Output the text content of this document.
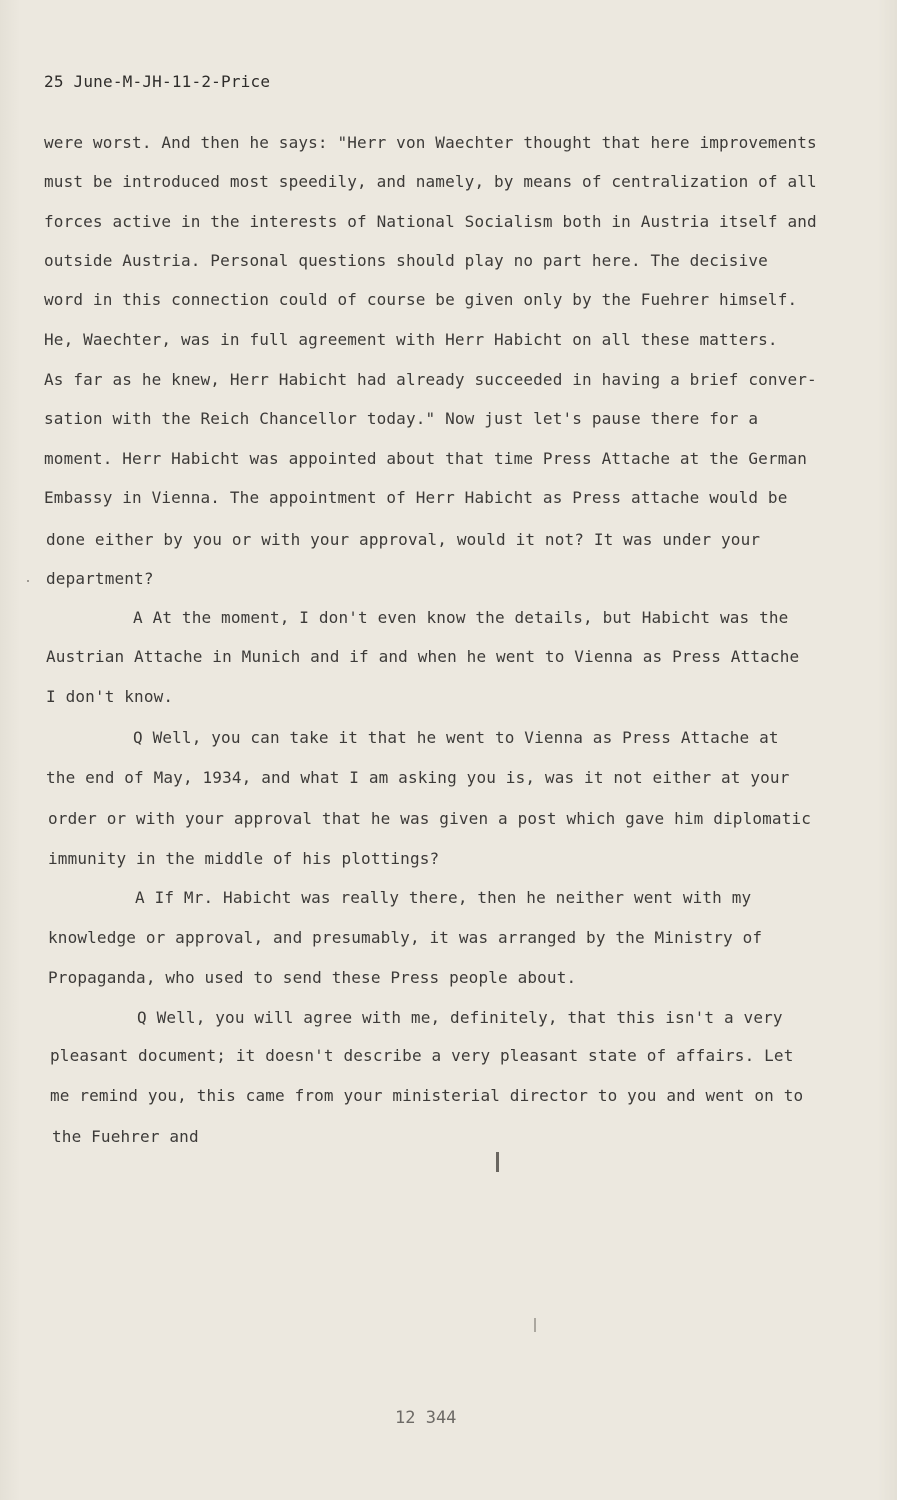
25 June-M-JH-11-2-Price
were worst. And then he says: "Herr von Waechter thought that here improvements
must be introduced most speedily, and namely, by means of centralization of all
forces active in the interests of National Socialism both in Austria itself and
outside Austria. Personal questions should play no part here. The decisive
word in this connection could of course be given only by the Fuehrer himself.
He, Waechter, was in full agreement with Herr Habicht on all these matters.
As far as he knew, Herr Habicht had already succeeded in having a brief conver-
sation with the Reich Chancellor today." Now just let's pause there for a
moment. Herr Habicht was appointed about that time Press Attache at the German
Embassy in Vienna. The appointment of Herr Habicht as Press attache would be
done either by you or with your approval, would it not? It was under your
department?
A At the moment, I don't even know the details, but Habicht was the
Austrian Attache in Munich and if and when he went to Vienna as Press Attache
I don't know.
Q Well, you can take it that he went to Vienna as Press Attache at
the end of May, 1934, and what I am asking you is, was it not either at your
order or with your approval that he was given a post which gave him diplomatic
immunity in the middle of his plottings?
A If Mr. Habicht was really there, then he neither went with my
knowledge or approval, and presumably, it was arranged by the Ministry of
Propaganda, who used to send these Press people about.
Q Well, you will agree with me, definitely, that this isn't a very
pleasant document; it doesn't describe a very pleasant state of affairs. Let
me remind you, this came from your ministerial director to you and went on to
the Fuehrer and
12 344
